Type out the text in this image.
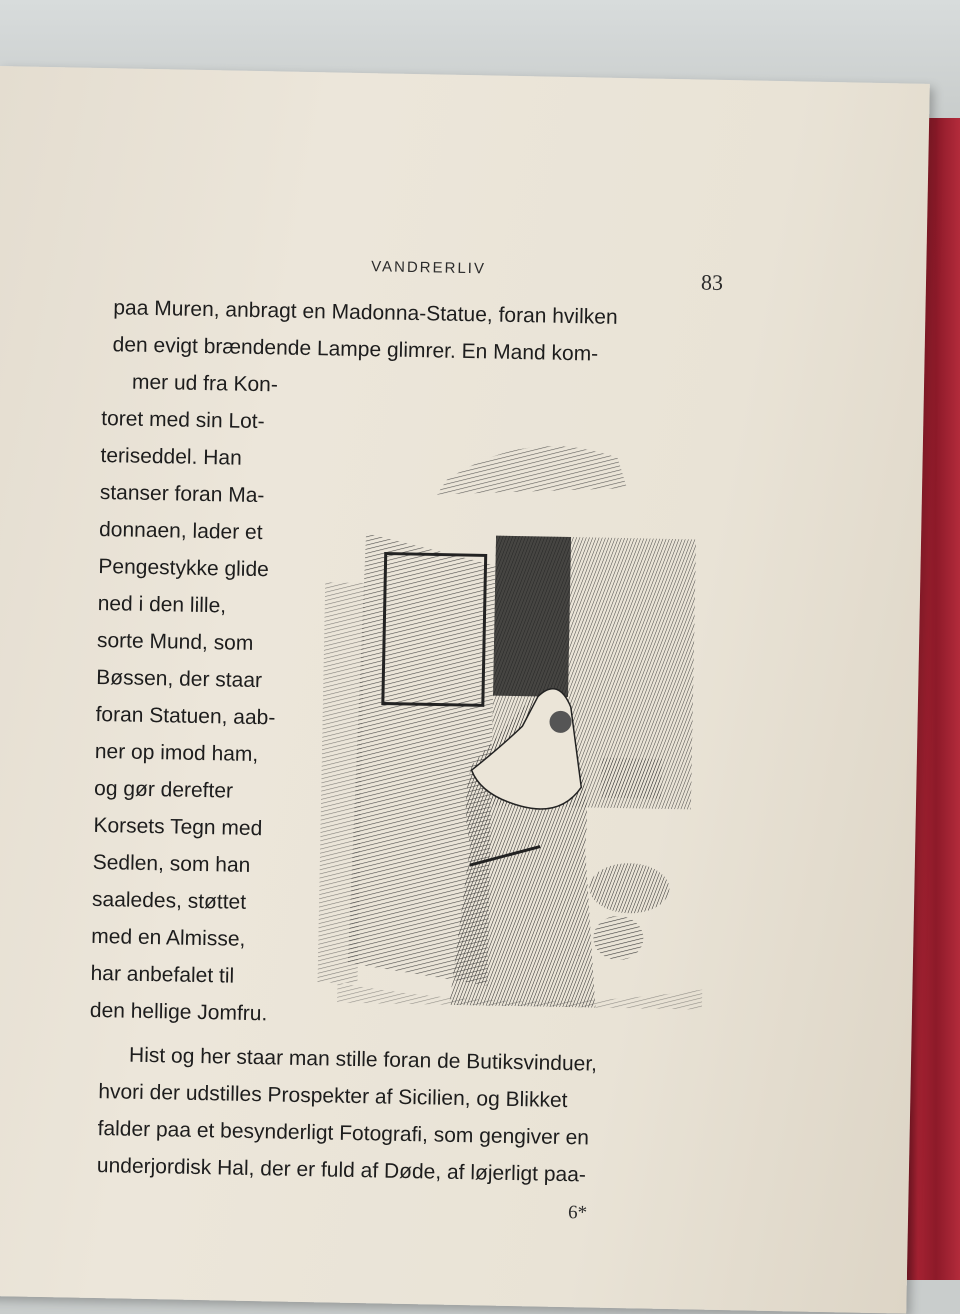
VANDRERLIV
83
paa Muren, anbragt en Madonna-Statue, foran hvilken
den evigt brændende Lampe glimrer. En Mand kom-
mer ud fra Kon-
toret med sin Lot-
teriseddel. Han
stanser foran Ma-
donnaen, lader et
Pengestykke glide
ned i den lille,
sorte Mund, som
Bøssen, der staar
foran Statuen, aab-
ner op imod ham,
og gør derefter
Korsets Tegn med
Sedlen, som han
saaledes, støttet
med en Almisse,
har anbefalet til
den hellige Jomfru.
Hist og her staar man stille foran de Butiksvinduer,
hvori der udstilles Prospekter af Sicilien, og Blikket
falder paa et besynderligt Fotografi, som gengiver en
underjordisk Hal, der er fuld af Døde, af løjerligt paa-
6*
